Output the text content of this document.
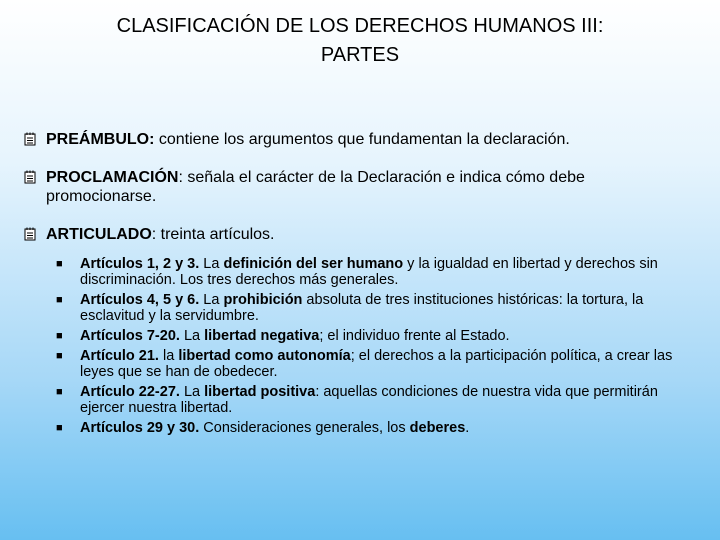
CLASIFICACIÓN DE LOS DERECHOS HUMANOS III:
PARTES
PREÁMBULO: contiene los argumentos que fundamentan la declaración.
PROCLAMACIÓN: señala el carácter de la Declaración e indica cómo debe promocionarse.
ARTICULADO: treinta artículos.
■ Artículos 1, 2 y 3. La definición del ser humano y la igualdad en libertad y derechos sin discriminación. Los tres derechos más generales.
■ Artículos 4, 5 y 6. La prohibición absoluta de tres instituciones históricas: la tortura, la esclavitud y la servidumbre.
■ Artículos 7-20. La libertad negativa; el individuo frente al Estado.
■ Artículo 21. la libertad como autonomía; el derechos a la participación política, a crear las leyes que se han de obedecer.
■ Artículo 22-27. La libertad positiva: aquellas condiciones de nuestra vida que permitirán ejercer nuestra libertad.
■ Artículos 29 y 30. Consideraciones generales, los deberes.
